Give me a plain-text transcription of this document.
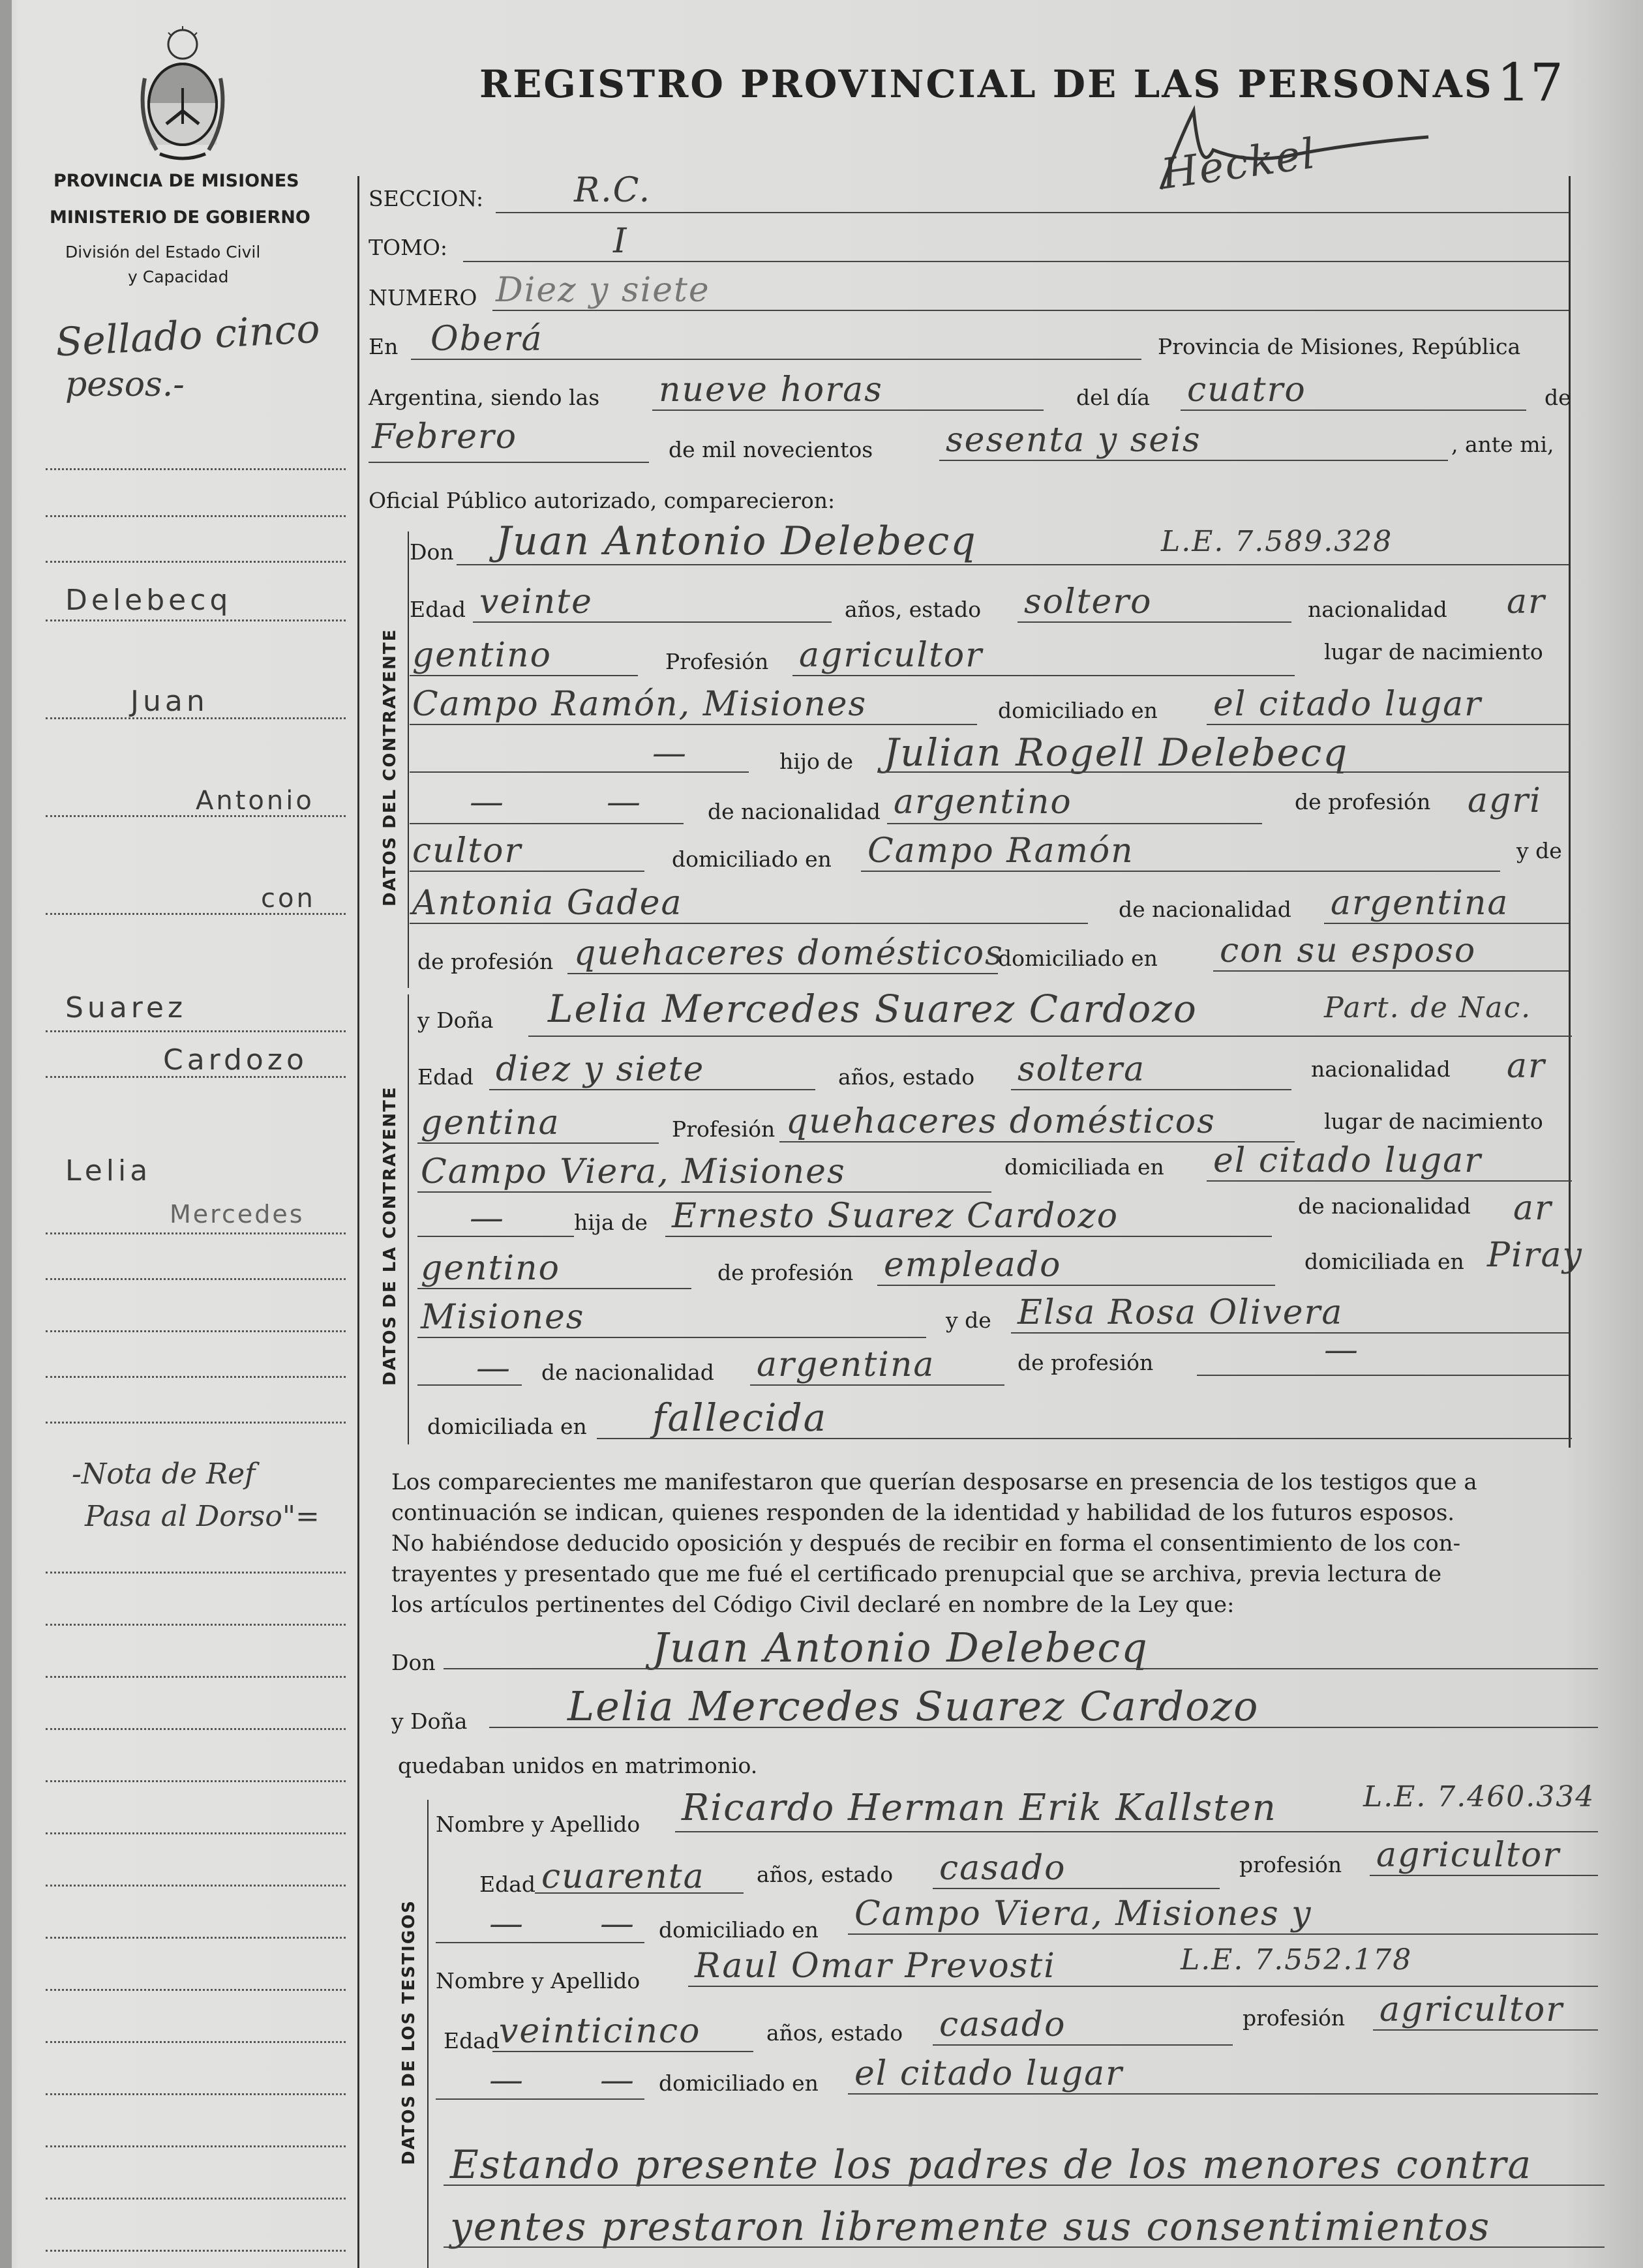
PROVINCIA DE MISIONES
MINISTERIO DE GOBIERNO
División del Estado Civil
y Capacidad
REGISTRO PROVINCIAL DE LAS PERSONAS 17
Heckel
Sellado cinco
pesos.-
Delebecq
Juan
Antonio
con
Suarez
Cardozo
Lelia
Mercedes
-Nota de Ref
Pasa al Dorso"=
SECCION:	R.C.
TOMO:	I
NUMERO Diez y siete
En Oberá	Provincia de Misiones, República
Argentina, siendo las nueve horas	del día cuatro	de
Febrero	de mil novecientos sesenta y seis	, ante mi,
Oficial Público autorizado, comparecieron:
DATOS DEL CONTRAYENTE
Don Juan Antonio Delebecq	L.E. 7.589.328
Edad veinte	años, estado soltero	nacionalidad ar
gentino	Profesión agricultor	lugar de nacimiento
Campo Ramón, Misiones	domiciliado en el citado lugar
—	hijo de Julian Rogell Delebecq
—	—	de nacionalidad argentino	de profesión agri
cultor	domiciliado en Campo Ramón	y de
Antonia Gadea	de nacionalidad argentina
de profesión quehaceres domésticos
domiciliado en con su esposo
DATOS DE LA CONTRAYENTE
y Doña Lelia Mercedes Suarez Cardozo	Part. de Nac.
Edad diez y siete	años, estado soltera	nacionalidad ar
gentina	Profesión quehaceres domésticos	lugar de nacimiento
Campo Viera, Misiones	domiciliada en el citado lugar
—	hija de Ernesto Suarez Cardozo	de nacionalidad ar
gentino	de profesión empleado	domiciliada en Piray
Misiones	y de Elsa Rosa Olivera
— de nacionalidad argentina	de profesión	—
domiciliada en fallecida
Los comparecientes me manifestaron que querían desposarse en presencia de los testigos que a
continuación se indican, quienes responden de la identidad y habilidad de los futuros esposos.
No habiéndose deducido oposición y después de recibir en forma el consentimiento de los con-
trayentes y presentado que me fué el certificado prenupcial que se archiva, previa lectura de
los artículos pertinentes del Código Civil declaré en nombre de la Ley que:
Don	Juan Antonio Delebecq
y Doña Lelia Mercedes Suarez Cardozo
quedaban unidos en matrimonio.
DATOS DE LOS TESTIGOS
Nombre y Apellido Ricardo Herman Erik Kallsten	L.E. 7.460.334
Edad cuarenta años, estado casado	profesión agricultor
— — domiciliado en Campo Viera, Misiones y
Nombre y Apellido Raul Omar Prevosti	L.E. 7.552.178
Edad
veinticinco	años, estado casado	profesión agricultor
— — domiciliado en el citado lugar
Estando presente los padres de los menores contra
yentes prestaron libremente sus consentimientos
